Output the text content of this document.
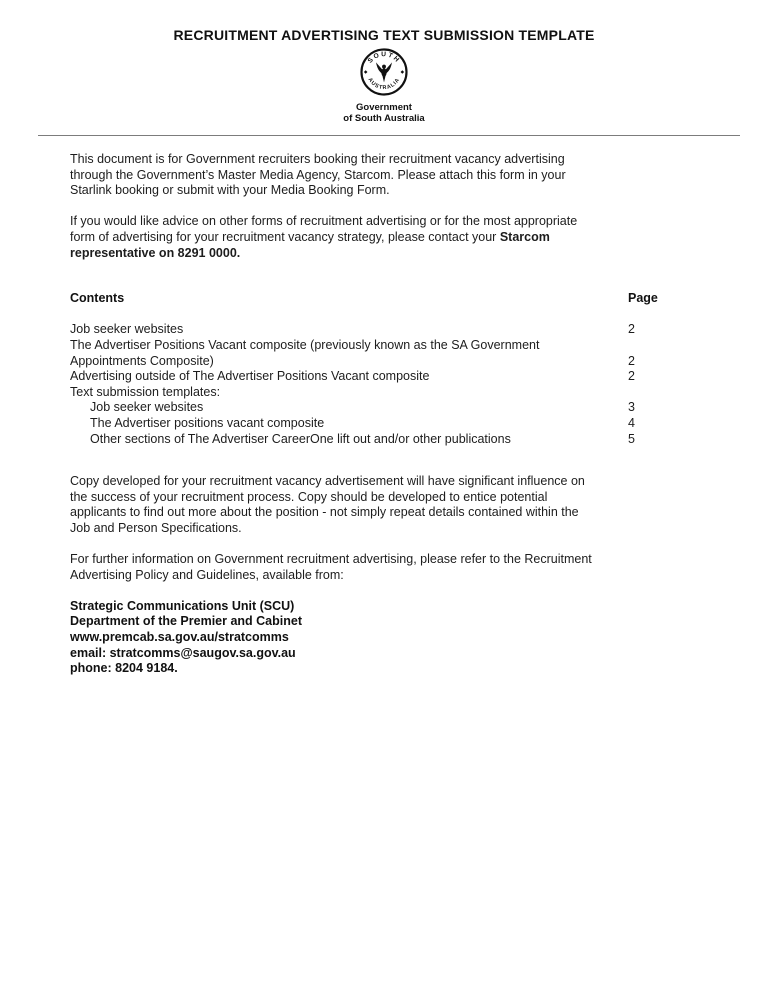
RECRUITMENT ADVERTISING TEXT SUBMISSION TEMPLATE
SOUTH
AUSTRALIA
Government
of South Australia

This document is for Government recruiters booking their recruitment vacancy advertising
through the Government’s Master Media Agency, Starcom. Please attach this form in your
Starlink booking or submit with your Media Booking Form.

If you would like advice on other forms of recruitment advertising or for the most appropriate
form of advertising for your recruitment vacancy strategy, please contact your Starcom
representative on 8291 0000.

Contents	Page
Job seeker websites	2
The Advertiser Positions Vacant composite (previously known as the SA Government Appointments Composite)	2
Advertising outside of The Advertiser Positions Vacant composite	2
Text submission templates:
Job seeker websites	3
The Advertiser positions vacant composite	4
Other sections of The Advertiser CareerOne lift out and/or other publications	5

Copy developed for your recruitment vacancy advertisement will have significant influence on
the success of your recruitment process. Copy should be developed to entice potential
applicants to find out more about the position - not simply repeat details contained within the
Job and Person Specifications.

For further information on Government recruitment advertising, please refer to the Recruitment
Advertising Policy and Guidelines, available from:

Strategic Communications Unit (SCU)
Department of the Premier and Cabinet
www.premcab.sa.gov.au/stratcomms
email: stratcomms@saugov.sa.gov.au
phone: 8204 9184.
